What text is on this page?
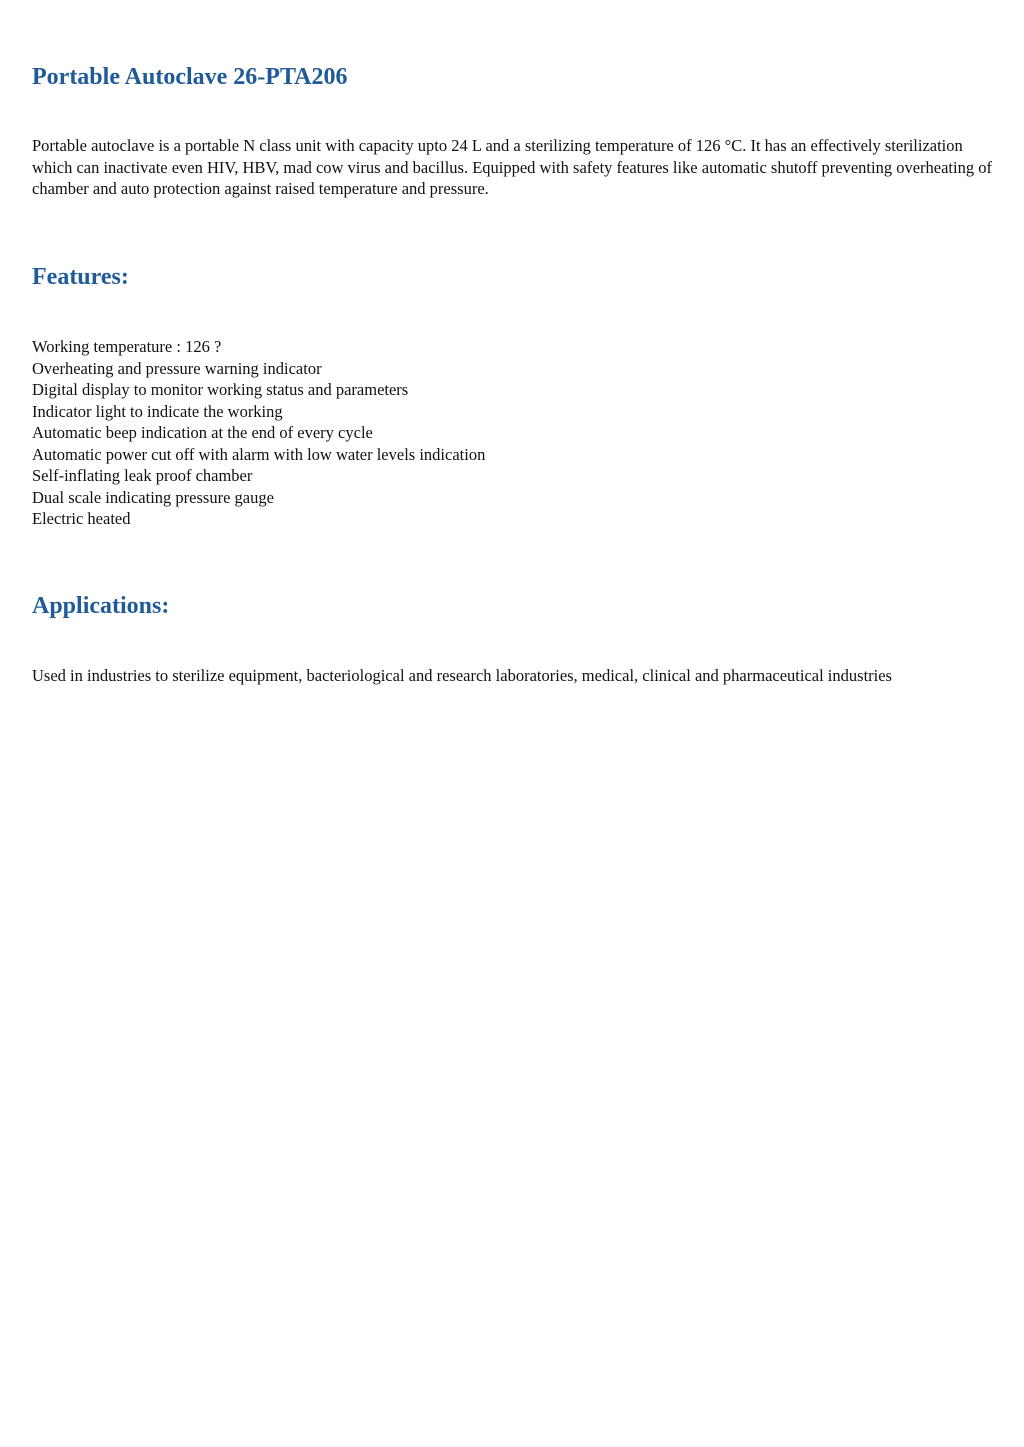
Portable Autoclave 26-PTA206

Portable autoclave is a portable N class unit with capacity upto 24 L and a sterilizing temperature of 126 °C. It has an effectively sterilization which can inactivate even HIV, HBV, mad cow virus and bacillus. Equipped with safety features like automatic shutoff preventing overheating of chamber and auto protection against raised temperature and pressure.

Features:
Working temperature : 126 ?
Overheating and pressure warning indicator
Digital display to monitor working status and parameters
Indicator light to indicate the working
Automatic beep indication at the end of every cycle
Automatic power cut off with alarm with low water levels indication
Self-inflating leak proof chamber
Dual scale indicating pressure gauge
Electric heated
Applications:

Used in industries to sterilize equipment, bacteriological and research laboratories, medical, clinical and pharmaceutical industries
